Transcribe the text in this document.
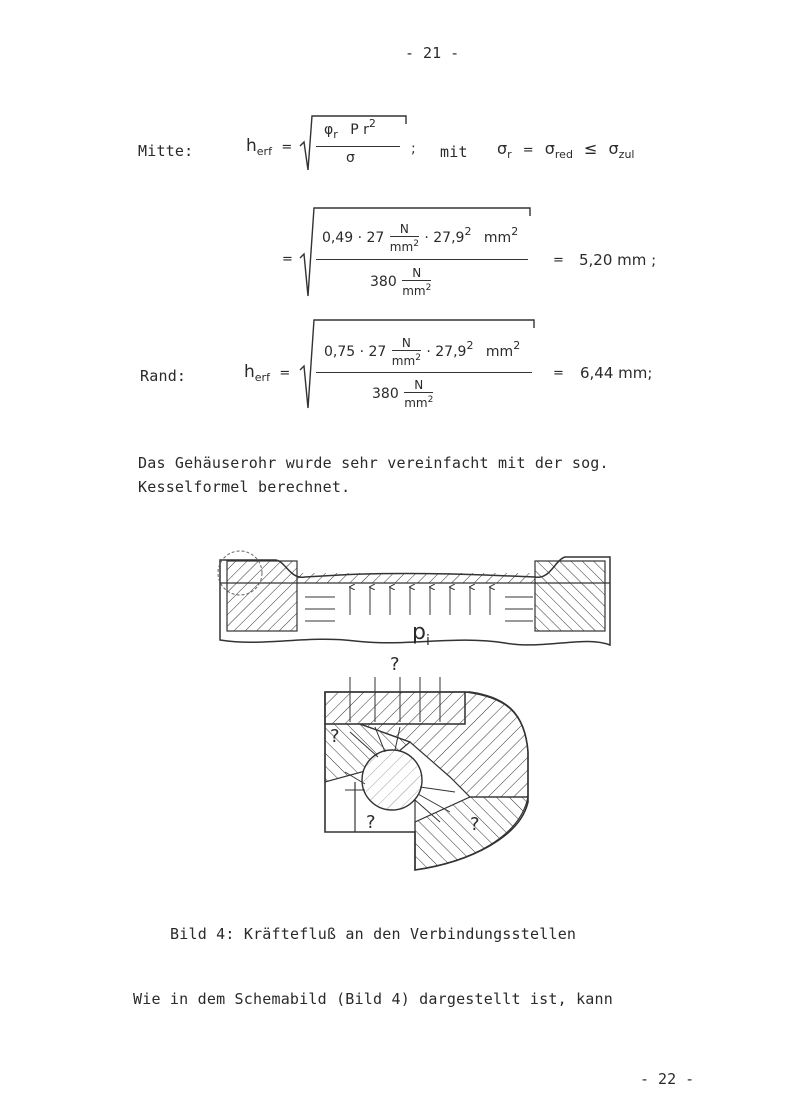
- 21 -
Mitte:	$h_{erf}$ =
$\varphi_r$ P $r^2$
σ
; mit $\sigma_r = \sigma_{red} \le \sigma_{zul}$
=
$0,49 \cdot 27 \frac{N}{mm^2} \cdot 27,9^2$ $mm^2$
$380 \frac{N}{mm^2}$
= 5,20 mm ;
Rand:	$h_{erf}$ =
$0,75 \cdot 27 \frac{N}{mm^2} \cdot 27,9^2$ $mm^2$
$380 \frac{N}{mm^2}$
= 6,44 mm;
Das Gehäuserohr wurde sehr vereinfacht mit der sog.
Kesselformel berechnet.
$p_i$
?
?
?	?
Bild 4: Kräftefluß an den Verbindungsstellen
Wie in dem Schemabild (Bild 4) dargestellt ist, kann
- 22 -
